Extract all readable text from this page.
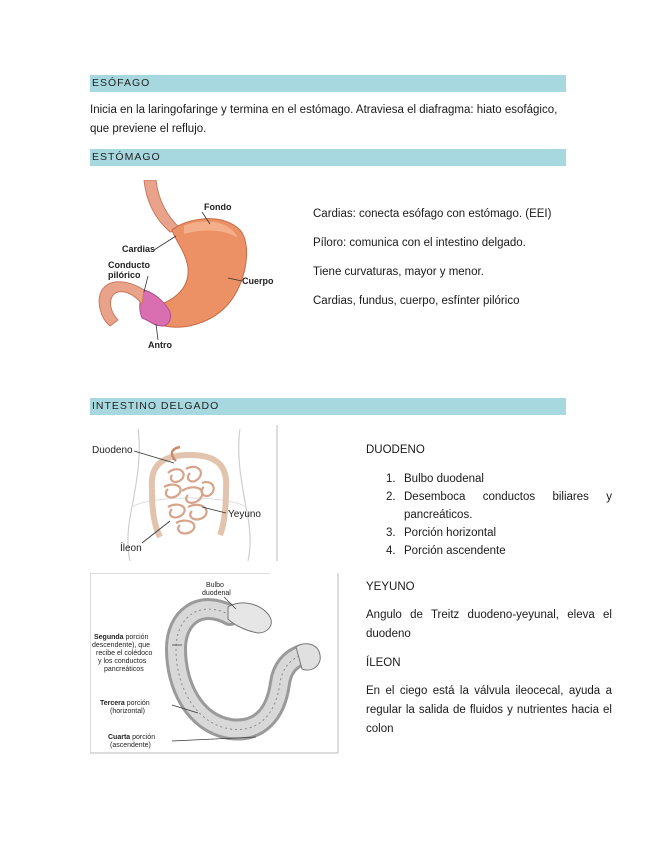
ESÓFAGO
Inicia en la laringofaringe y termina en el estómago. Atraviesa el diafragma: hiato esofágico, que previene el reflujo.
ESTÓMAGO
Fondo
Cardias
Conducto
pilórico
Cuerpo
Antro
Cardias: conecta esófago con estómago. (EEI)
Píloro: comunica con el intestino delgado.
Tiene curvaturas, mayor y menor.
Cardias, fundus, cuerpo, esfínter pilórico
INTESTINO DELGADO
Duodeno
Yeyuno
Íleon
DUODENO
1. Bulbo duodenal
2. Desemboca conductos biliares y pancreáticos.
3. Porción horizontal
4. Porción ascendente
Bulbo
duodenal
Segunda porción
descendente), que
recibe el colédoco
y los conductos
pancreáticos
Tercera porción
(horizontal)
Cuarta porción
(ascendente)
YEYUNO
Angulo de Treitz duodeno-yeyunal, eleva el duodeno
ÍLEON
En el ciego está la válvula ileocecal, ayuda a regular la salida de fluidos y nutrientes hacia el colon
